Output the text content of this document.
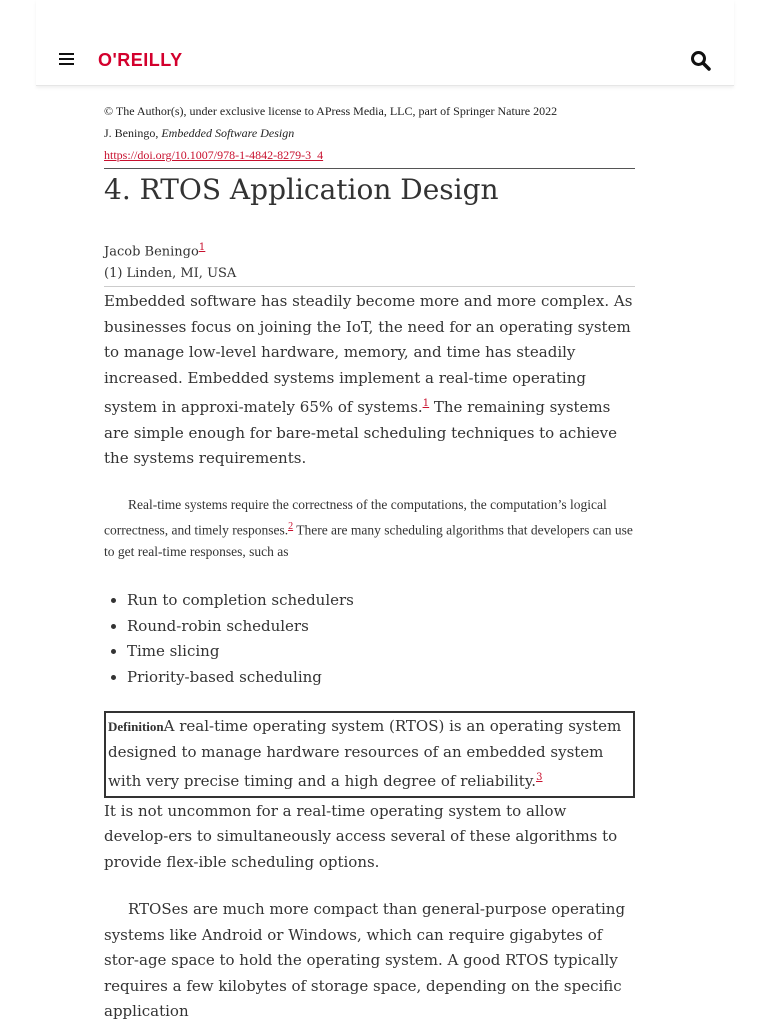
O'REILLY
© The Author(s), under exclusive license to APress Media, LLC, part of Springer Nature 2022
J. Beningo, Embedded Software Design
https://doi.org/10.1007/978-1-4842-8279-3_4
4. RTOS Application Design
Jacob Beningo$^1$
(1) Linden, MI, USA

Embedded software has steadily become more and more complex. As businesses focus on joining the IoT, the need for an operating system to manage low-level hardware, memory, and time has steadily increased. Embedded systems implement a real-time operating system in approxi-mately 65% of systems.$^1$ The remaining systems are simple enough for bare-metal scheduling techniques to achieve the systems requirements.

Real-time systems require the correctness of the computations, the computation’s logical correctness, and timely responses.$^2$ There are many scheduling algorithms that developers can use to get real-time responses, such as

• Run to completion schedulers
• Round-robin schedulers
• Time slicing
• Priority-based scheduling
DefinitionA real-time operating system (RTOS) is an operating system designed to manage hardware resources of an embedded system with very precise timing and a high degree of reliability.$^3$

It is not uncommon for a real-time operating system to allow develop-ers to simultaneously access several of these algorithms to provide flex-ible scheduling options.

RTOSes are much more compact than general-purpose operating systems like Android or Windows, which can require gigabytes of stor-age space to hold the operating system. A good RTOS typically requires a few kilobytes of storage space, depending on the specific application
